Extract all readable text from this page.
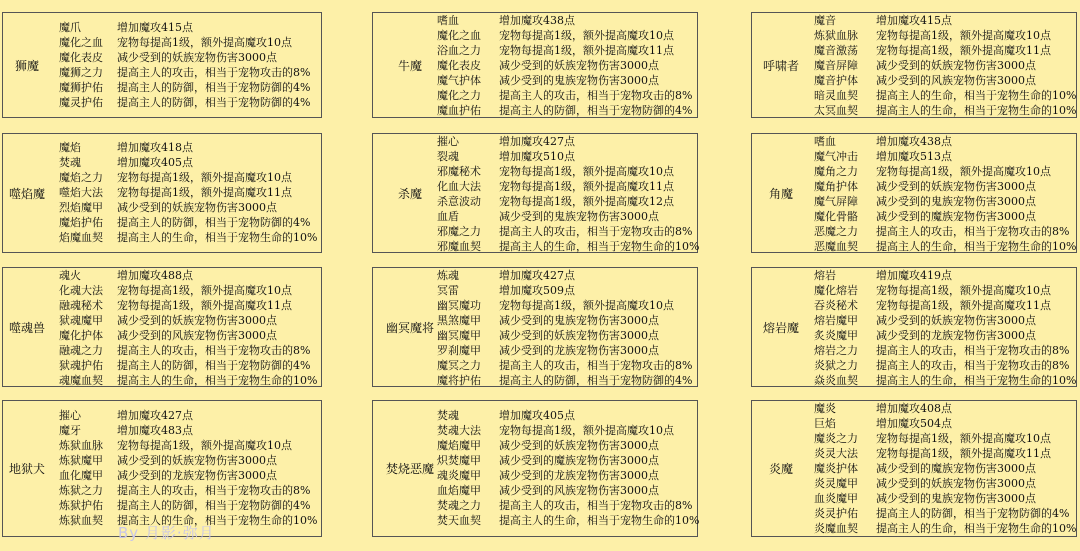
狮魔
魔爪	增加魔攻415点
魔化之血 宠物每提高1级，额外提高魔攻10点
魔化表皮 减少受到的妖族宠物伤害3000点
魔狮之力 提高主人的攻击，相当于宠物攻击的8%
魔狮护佑 提高主人的防御，相当于宠物防御的4%
魔灵护佑 提高主人的防御，相当于宠物防御的4%
牛魔
嗜血	增加魔攻438点
魔化之血 宠物每提高1级，额外提高魔攻10点
浴血之力 宠物每提高1级，额外提高魔攻11点
魔化表皮 减少受到的妖族宠物伤害3000点
魔气护体 减少受到的鬼族宠物伤害3000点
魔化之力 提高主人的攻击，相当于宠物攻击的8%
魔血护佑 提高主人的防御，相当于宠物防御的4%
呼啸者
魔音	增加魔攻415点
炼狱血脉 宠物每提高1级，额外提高魔攻10点
魔音激荡 宠物每提高1级，额外提高魔攻11点
魔音屏障 减少受到的妖族宠物伤害3000点
魔音护体 减少受到的风族宠物伤害3000点
暗灵血契 提高主人的生命，相当于宠物生命的10%
太冥血契 提高主人的生命，相当于宠物生命的10%
噬焰魔
魔焰	增加魔攻418点
焚魂	增加魔攻405点
魔焰之力 宠物每提高1级，额外提高魔攻10点
噬焰大法 宠物每提高1级，额外提高魔攻11点
烈焰魔甲 减少受到的妖族宠物伤害3000点
魔焰护佑 提高主人的防御，相当于宠物防御的4%
焰魔血契 提高主人的生命，相当于宠物生命的10%
杀魔
摧心	增加魔攻427点
裂魂	增加魔攻510点
邪魔秘术 宠物每提高1级，额外提高魔攻10点
化血大法 宠物每提高1级，额外提高魔攻11点
杀意波动 宠物每提高1级，额外提高魔攻12点
血盾	减少受到的鬼族宠物伤害3000点
邪魔之力 提高主人的攻击，相当于宠物攻击的8%
邪魔血契 提高主人的生命，相当于宠物生命的10%
角魔
嗜血	增加魔攻438点
魔气冲击 增加魔攻513点
魔角之力 宠物每提高1级，额外提高魔攻10点
魔角护体 减少受到的妖族宠物伤害3000点
魔气屏障 减少受到的鬼族宠物伤害3000点
魔化骨骼 减少受到的魔族宠物伤害3000点
恶魔之力 提高主人的攻击，相当于宠物攻击的8%
恶魔血契 提高主人的生命，相当于宠物生命的10%
噬魂兽
魂火	增加魔攻488点
化魂大法 宠物每提高1级，额外提高魔攻10点
融魂秘术 宠物每提高1级，额外提高魔攻11点
狱魂魔甲 减少受到的妖族宠物伤害3000点
魔化护体 减少受到的风族宠物伤害3000点
融魂之力 提高主人的攻击，相当于宠物攻击的8%
狱魂护佑 提高主人的防御，相当于宠物防御的4%
魂魔血契 提高主人的生命，相当于宠物生命的10%
幽冥魔将
炼魂	增加魔攻427点
冥雷	增加魔攻509点
幽冥魔功 宠物每提高1级，额外提高魔攻10点
黑煞魔甲 减少受到的鬼族宠物伤害3000点
幽冥魔甲 减少受到的妖族宠物伤害3000点
罗刹魔甲 减少受到的龙族宠物伤害3000点
魔冥之力 提高主人的攻击，相当于宠物攻击的8%
魔将护佑 提高主人的防御，相当于宠物防御的4%
熔岩魔
熔岩	增加魔攻419点
魔化熔岩 宠物每提高1级，额外提高魔攻10点
吞炎秘术 宠物每提高1级，额外提高魔攻11点
熔岩魔甲 减少受到的妖族宠物伤害3000点
炙炎魔甲 减少受到的龙族宠物伤害3000点
熔岩之力 提高主人的攻击，相当于宠物攻击的8%
炎狱之力 提高主人的攻击，相当于宠物攻击的8%
焱炎血契 提高主人的生命，相当于宠物生命的10%
地狱犬
摧心	增加魔攻427点
魔牙	增加魔攻483点
炼狱血脉 宠物每提高1级，额外提高魔攻10点
炼狱魔甲 减少受到的妖族宠物伤害3000点
血化魔甲 减少受到的龙族宠物伤害3000点
炼狱之力 提高主人的攻击，相当于宠物攻击的8%
炼狱护佑 提高主人的防御，相当于宠物防御的4%
炼狱血契 提高主人的生命，相当于宠物生命的10%
焚烧恶魔
焚魂	增加魔攻405点
焚魂大法 宠物每提高1级，额外提高魔攻10点
魔焰魔甲 减少受到的妖族宠物伤害3000点
炽焚魔甲 减少受到的魔族宠物伤害3000点
魂炎魔甲 减少受到的龙族宠物伤害3000点
血焰魔甲 减少受到的风族宠物伤害3000点
焚魂之力 提高主人的攻击，相当于宠物攻击的8%
焚天血契 提高主人的生命，相当于宠物生命的10%
炎魔
魔炎	增加魔攻408点
巨焰	增加魔攻504点
魔炎之力 宠物每提高1级，额外提高魔攻10点
炎灵大法 宠物每提高1级，额外提高魔攻11点
魔炎护体 减少受到的魔族宠物伤害3000点
炎灵魔甲 减少受到的妖族宠物伤害3000点
血炎魔甲 减少受到的鬼族宠物伤害3000点
炎灵护佑 提高主人的防御，相当于宠物防御的4%
炎魔血契 提高主人的生命，相当于宠物生命的10%
By 月影·弥月
